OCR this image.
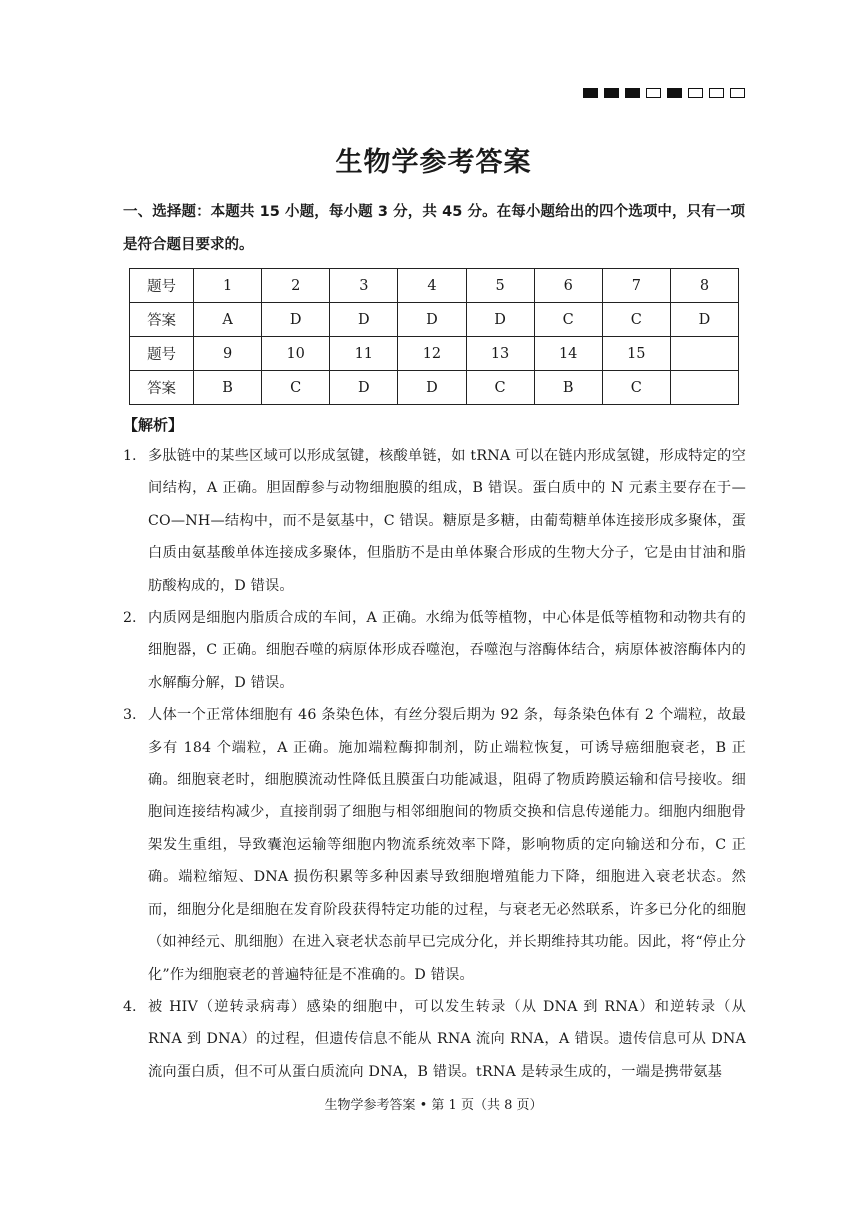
生物学参考答案
一、选择题：本题共 15 小题，每小题 3 分，共 45 分。在每小题给出的四个选项中，只有一项是符合题目要求的。
题号	1	2	3	4	5	6	7	8
答案	A	D	D	D	D	C	C	D
题号	9	10	11	12	13	14	15	
答案	B	C	D	D	C	B	C	
【解析】
1. 多肽链中的某些区域可以形成氢键，核酸单链，如 tRNA 可以在链内形成氢键，形成特定的空间结构，A 正确。胆固醇参与动物细胞膜的组成，B 错误。蛋白质中的 N 元素主要存在于—CO—NH—结构中，而不是氨基中，C 错误。糖原是多糖，由葡萄糖单体连接形成多聚体，蛋白质由氨基酸单体连接成多聚体，但脂肪不是由单体聚合形成的生物大分子，它是由甘油和脂肪酸构成的，D 错误。
2. 内质网是细胞内脂质合成的车间，A 正确。水绵为低等植物，中心体是低等植物和动物共有的细胞器，C 正确。细胞吞噬的病原体形成吞噬泡，吞噬泡与溶酶体结合，病原体被溶酶体内的水解酶分解，D 错误。
3. 人体一个正常体细胞有 46 条染色体，有丝分裂后期为 92 条，每条染色体有 2 个端粒，故最多有 184 个端粒，A 正确。施加端粒酶抑制剂，防止端粒恢复，可诱导癌细胞衰老，B 正确。细胞衰老时，细胞膜流动性降低且膜蛋白功能减退，阻碍了物质跨膜运输和信号接收。细胞间连接结构减少，直接削弱了细胞与相邻细胞间的物质交换和信息传递能力。细胞内细胞骨架发生重组，导致囊泡运输等细胞内物流系统效率下降，影响物质的定向输送和分布，C 正确。端粒缩短、DNA 损伤积累等多种因素导致细胞增殖能力下降，细胞进入衰老状态。然而，细胞分化是细胞在发育阶段获得特定功能的过程，与衰老无必然联系，许多已分化的细胞（如神经元、肌细胞）在进入衰老状态前早已完成分化，并长期维持其功能。因此，将“停止分化”作为细胞衰老的普遍特征是不准确的。D 错误。
4. 被 HIV（逆转录病毒）感染的细胞中，可以发生转录（从 DNA 到 RNA）和逆转录（从 RNA 到 DNA）的过程，但遗传信息不能从 RNA 流向 RNA，A 错误。遗传信息可从 DNA 流向蛋白质，但不可从蛋白质流向 DNA，B 错误。tRNA 是转录生成的，一端是携带氨基
生物学参考答案 • 第 1 页（共 8 页）
